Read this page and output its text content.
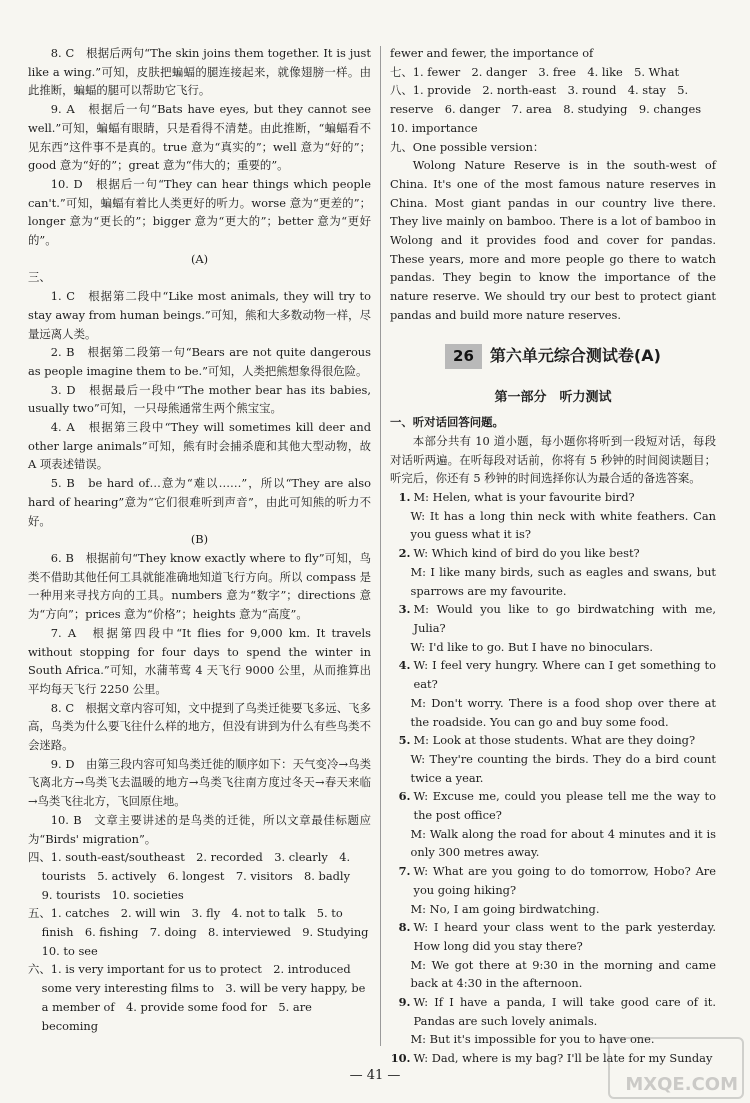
8. C　根据后两句“The skin joins them together. It is just like a wing.”可知，皮肤把蝙蝠的腿连接起来，就像翅膀一样。由此推断，蝙蝠的腿可以帮助它飞行。

9. A　根据后一句“Bats have eyes, but they cannot see well.”可知，蝙蝠有眼睛，只是看得不清楚。由此推断，“蝙蝠看不见东西”这件事不是真的。true 意为“真实的”；well 意为“好的”；good 意为“好的”；great 意为“伟大的；重要的”。

10. D　根据后一句“They can hear things which people can't.”可知，蝙蝠有着比人类更好的听力。worse 意为“更差的”；longer 意为“更长的”；bigger 意为“更大的”；better 意为“更好的”。

(A)

三、

1. C　根据第二段中“Like most animals, they will try to stay away from human beings.”可知，熊和大多数动物一样，尽量远离人类。

2. B　根据第二段第一句“Bears are not quite dangerous as people imagine them to be.”可知，人类把熊想象得很危险。

3. D　根据最后一段中“The mother bear has its babies, usually two”可知，一只母熊通常生两个熊宝宝。

4. A　根据第三段中“They will sometimes kill deer and other large animals”可知，熊有时会捕杀鹿和其他大型动物，故 A 项表述错误。

5. B　be hard of…意为“难以……”，所以“They are also hard of hearing”意为“它们很难听到声音”，由此可知熊的听力不好。

(B)

6. B　根据前句“They know exactly where to fly”可知，鸟类不借助其他任何工具就能准确地知道飞行方向。所以 compass 是一种用来寻找方向的工具。numbers 意为“数字”；directions 意为“方向”；prices 意为“价格”；heights 意为“高度”。

7. A　根据第四段中“It flies for 9,000 km. It travels without stopping for four days to spend the winter in South Africa.”可知，水蒲苇莺 4 天飞行 9000 公里，从而推算出平均每天飞行 2250 公里。

8. C　根据文章内容可知，文中提到了鸟类迁徙要飞多远、飞多高，鸟类为什么要飞往什么样的地方，但没有讲到为什么有些鸟类不会迷路。

9. D　由第三段内容可知鸟类迁徙的顺序如下：天气变冷→鸟类飞离北方→鸟类飞去温暖的地方→鸟类飞往南方度过冬天→春天来临→鸟类飞往北方，飞回原住地。

10. B　文章主要讲述的是鸟类的迁徙，所以文章最佳标题应为“Birds' migration”。

四、1. south-east/southeast　2. recorded　3. clearly　4. tourists　5. actively　6. longest　7. visitors　8. badly　9. tourists　10. societies

五、1. catches　2. will win　3. fly　4. not to talk　5. to finish　6. fishing　7. doing　8. interviewed　9. Studying　10. to see

六、1. is very important for us to protect　2. introduced some very interesting films to　3. will be very happy, be a member of　4. provide some food for　5. are becoming

fewer and fewer, the importance of

七、1. fewer　2. danger　3. free　4. like　5. What

八、1. provide　2. north-east　3. round　4. stay　5. reserve　6. danger　7. area　8. studying　9. changes　10. importance

九、One possible version：

Wolong Nature Reserve is in the south-west of China. It's one of the most famous nature reserves in China. Most giant pandas in our country live there. They live mainly on bamboo. There is a lot of bamboo in Wolong and it provides food and cover for pandas. These years, more and more people go there to watch pandas. They begin to know the importance of the nature reserve. We should try our best to protect giant pandas and build more nature reserves.

26	第六单元综合测试卷(A)
第一部分　听力测试

一、听对话回答问题。

本部分共有 10 道小题，每小题你将听到一段短对话，每段对话听两遍。在听每段对话前，你将有 5 秒钟的时间阅读题目；听完后，你还有 5 秒钟的时间选择你认为最合适的备选答案。

1. M: Helen, what is your favourite bird?
W: It has a long thin neck with white feathers. Can you guess what it is?
2. W: Which kind of bird do you like best?
M: I like many birds, such as eagles and swans, but sparrows are my favourite.
3. M: Would you like to go birdwatching with me, Julia?
W: I'd like to go. But I have no binoculars.
4. W: I feel very hungry. Where can I get something to eat?
M: Don't worry. There is a food shop over there at the roadside. You can go and buy some food.
5. M: Look at those students. What are they doing?
W: They're counting the birds. They do a bird count twice a year.
6. W: Excuse me, could you please tell me the way to the post office?
M: Walk along the road for about 4 minutes and it is only 300 metres away.
7. W: What are you going to do tomorrow, Hobo? Are you going hiking?
M: No, I am going birdwatching.
8. W: I heard your class went to the park yesterday. How long did you stay there?
M: We got there at 9:30 in the morning and came back at 4:30 in the afternoon.
9. W: If I have a panda, I will take good care of it. Pandas are such lovely animals.
M: But it's impossible for you to have one.
10. W: Dad, where is my bag? I'll be late for my Sunday
— 41 —	MXQE.COM
